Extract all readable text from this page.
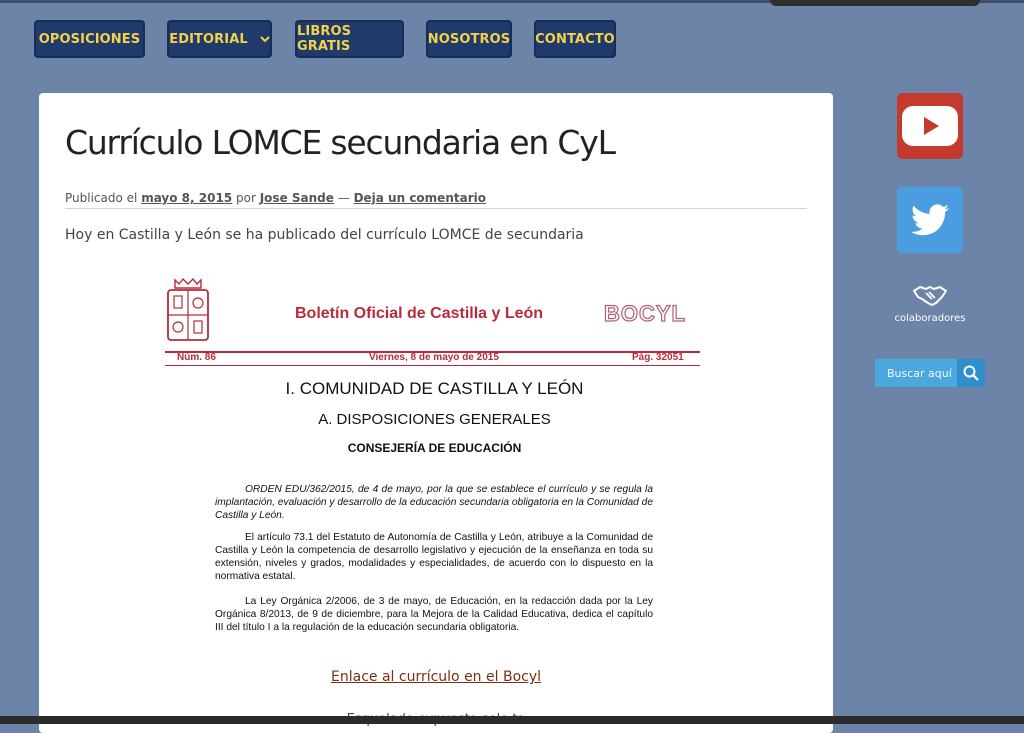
OPOSICIONES EDITORIAL	LIBROS GRATIS	NOSOTROS CONTACTO
Currículo LOMCE secundaria en CyL
Publicado el mayo 8, 2015 por Jose Sande — Deja un comentario

Hoy en Castilla y León se ha publicado del currículo LOMCE de secundaria

Boletín Oficial de Castilla y León	BOCYL
Núm. 86	Viernes, 8 de mayo de 2015	Pág. 32051
I. COMUNIDAD DE CASTILLA Y LEÓN
A. DISPOSICIONES GENERALES
CONSEJERÍA DE EDUCACIÓN
ORDEN EDU/362/2015, de 4 de mayo, por la que se establece el currículo y se regula la implantación, evaluación y desarrollo de la educación secundaria obligatoria en la Comunidad de Castilla y León.
El artículo 73.1 del Estatuto de Autonomía de Castilla y León, atribuye a la Comunidad de Castilla y León la competencia de desarrollo legislativo y ejecución de la enseñanza en toda su extensión, niveles y grados, modalidades y especialidades, de acuerdo con lo dispuesto en la normativa estatal.
La Ley Orgánica 2/2006, de 3 de mayo, de Educación, en la redacción dada por la Ley Orgánica 8/2013, de 9 de diciembre, para la Mejora de la Calidad Educativa, dedica el capítulo III del título I a la regulación de la educación secundaria obligatoria.
Enlace al currículo en el Bocyl
colaboradores
Buscar aquí
